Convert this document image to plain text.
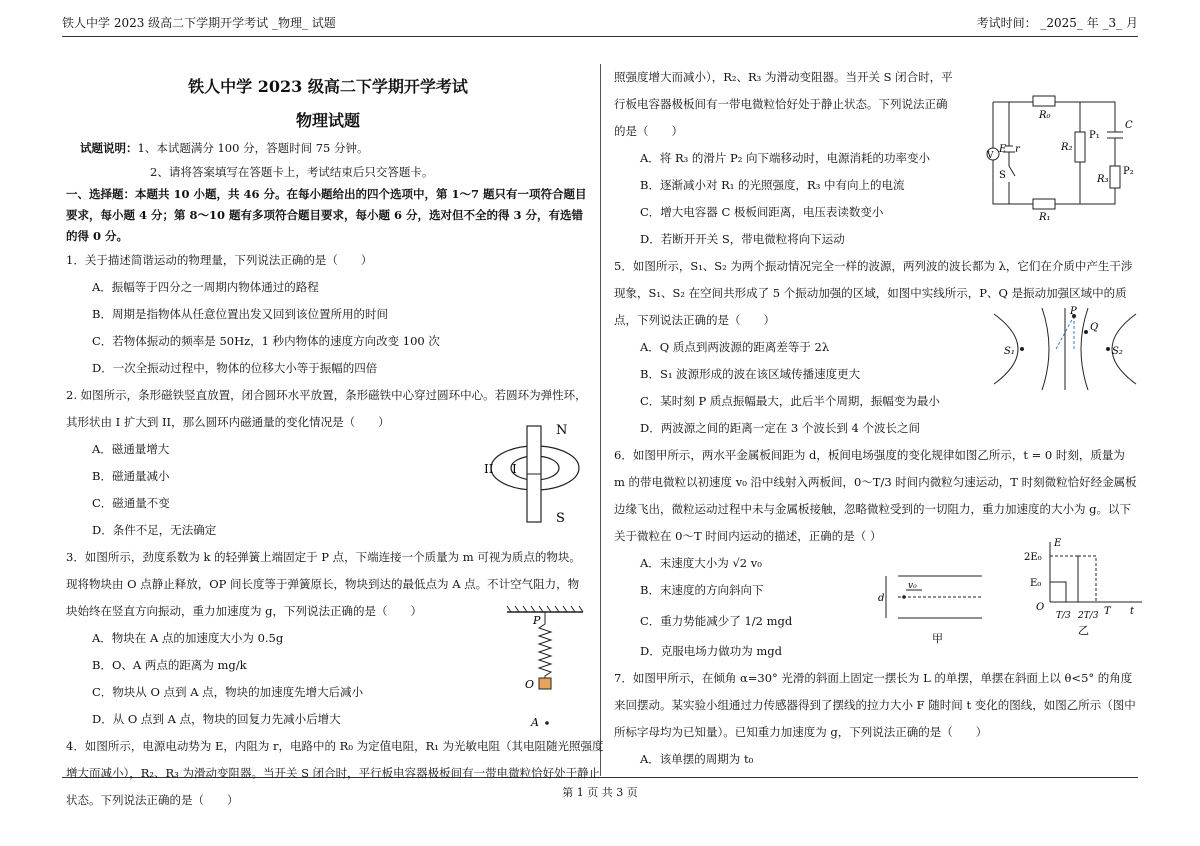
铁人中学 2023 级高二下学期开学考试 _物理_ 试题	考试时间： _2025_ 年 _3_ 月
铁人中学 2023 级高二下学期开学考试
物理试题
试题说明：1、本试题满分 100 分，答题时间 75 分钟。
2、请将答案填写在答题卡上，考试结束后只交答题卡。
一、选择题：本题共 10 小题，共 46 分。在每小题给出的四个选项中，第 1～7 题只有一项符合题目要求，每小题 4 分；第 8～10 题有多项符合题目要求，每小题 6 分，选对但不全的得 3 分，有选错的得 0 分。
1．关于描述简谐运动的物理量，下列说法正确的是（　　）
A．振幅等于四分之一周期内物体通过的路程
B．周期是指物体从任意位置出发又回到该位置所用的时间
C．若物体振动的频率是 50Hz，1 秒内物体的速度方向改变 100 次
D．一次全振动过程中，物体的位移大小等于振幅的四倍
2. 如图所示，条形磁铁竖直放置，闭合圆环水平放置，条形磁铁中心穿过圆环中心。若圆环为弹性环，其形状由 I 扩大到 II，那么圆环内磁通量的变化情况是（　　）
A．磁通量增大
B．磁通量减小
C．磁通量不变
D．条件不足，无法确定
3．如图所示，劲度系数为 k 的轻弹簧上端固定于 P 点，下端连接一个质量为 m 可视为质点的物块。现将物块由 O 点静止释放，OP 间长度等于弹簧原长，物块到达的最低点为 A 点。不计空气阻力，物块始终在竖直方向振动，重力加速度为 g，下列说法正确的是（　　）
A．物块在 A 点的加速度大小为 0.5g
B．O、A 两点的距离为 mg/k
C．物块从 O 点到 A 点，物块的加速度先增大后减小
D．从 O 点到 A 点，物块的回复力先减小后增大
4．如图所示，电源电动势为 E，内阻为 r，电路中的 R₀ 为定值电阻，R₁ 为光敏电阻（其电阻随光照强度增大而减小），R₂、R₃ 为滑动变阻器。当开关 S 闭合时，平行板电容器极板间有一带电微粒恰好处于静止状态。下列说法正确的是（　　）
N
S
I
II
P
O
A
照强度增大而减小），R₂、R₃ 为滑动变阻器。当开关 S 闭合时，平行板电容器极板间有一带电微粒恰好处于静止状态。下列说法正确的是（　　）
A．将 R₃ 的滑片 P₂ 向下端移动时，电源消耗的功率变小
B．逐渐减小对 R₁ 的光照强度，R₃ 中有向上的电流
C．增大电容器 C 极板间距离，电压表读数变小
D．若断开开关 S，带电微粒将向下运动
5．如图所示，S₁、S₂ 为两个振动情况完全一样的波源，两列波的波长都为 λ，它们在介质中产生干涉现象，S₁、S₂ 在空间共形成了 5 个振动加强的区域，如图中实线所示，P、Q 是振动加强区域中的质点，下列说法正确的是（　　）
A．Q 质点到两波源的距离差等于 2λ
B．S₁ 波源形成的波在该区域传播速度更大
C．某时刻 P 质点振幅最大，此后半个周期，振幅变为最小
D．两波源之间的距离一定在 3 个波长到 4 个波长之间
6．如图甲所示，两水平金属板间距为 d，板间电场强度的变化规律如图乙所示，t = 0 时刻，质量为 m 的带电微粒以初速度 v₀ 沿中线射入两板间，0～T/3 时间内微粒匀速运动，T 时刻微粒恰好经金属板边缘飞出，微粒运动过程中未与金属板接触，忽略微粒受到的一切阻力，重力加速度的大小为 g。以下关于微粒在 0～T 时间内运动的描述，正确的是（ ）
A．末速度大小为 √2 v₀
B．末速度的方向斜向下
C．重力势能减少了 1/2 mgd
D．克服电场力做功为 mgd
7．如图甲所示，在倾角 α=30° 光滑的斜面上固定一摆长为 L 的单摆，单摆在斜面上以 θ<5° 的角度来回摆动。某实验小组通过力传感器得到了摆线的拉力大小 F 随时间 t 变化的图线，如图乙所示（图中所标字母均为已知量）。已知重力加速度为 g，下列说法正确的是（　　）
A．该单摆的周期为 t₀
V
E r
S
R₀
R₂
P₁
C
R₃
P₂
R₁
S₁	S₂
P
Q
d
v₀
甲
E
2E₀
E₀
O
T/3 2T/3 T t
乙
第 1 页 共 3 页
